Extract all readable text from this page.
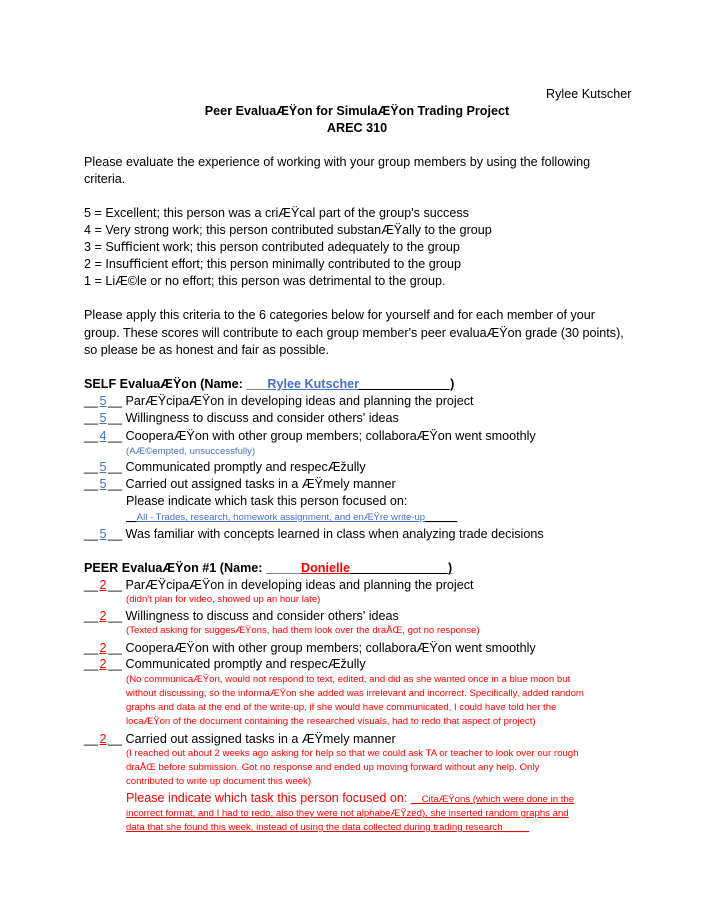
Rylee Kutscher
Peer EvaluaÆŸon for SimulaÆŸon Trading Project
AREC 310
Please evaluate the experience of working with your group members by using the following
criteria.
5 = Excellent; this person was a criÆŸcal part of the group's success
4 = Very strong work; this person contributed substanÆŸally to the group
3 = Suﬃcient work; this person contributed adequately to the group
2 = Insuﬃcient effort; this person minimally contributed to the group
1 = LiÆ©le or no effort; this person was detrimental to the group.
Please apply this criteria to the 6 categories below for yourself and for each member of your
group. These scores will contribute to each group member's peer evaluaÆŸon grade (30 points),
so please be as honest and fair as possible.
SELF EvaluaÆŸon (Name: ___Rylee Kutscher_____________)
__5 __ ParÆŸcipaÆŸon in developing ideas and planning the project
__5 __ Willingness to discuss and consider others' ideas
__4 __ CooperaÆŸon with other group members; collaboraÆŸon went smoothly
(AÆ©empted, unsuccessfully)
__5 __ Communicated promptly and respecÆžully
__5 __ Carried out assigned tasks in a ÆŸmely manner
Please indicate which task this person focused on:
__All - Trades, research, homework assignment, and enÆŸre write-up______
__5 __ Was familiar with concepts learned in class when analyzing trade decisions
PEER EvaluaÆŸon #1 (Name: _____Donielle______________)
__2 __ ParÆŸcipaÆŸon in developing ideas and planning the project
(didn't plan for video, showed up an hour late)
__2 __ Willingness to discuss and consider others' ideas
(Texted asking for suggesÆŸons, had them look over the draÅŒ, got no response)
__2 __ CooperaÆŸon with other group members; collaboraÆŸon went smoothly
__2 __ Communicated promptly and respecÆžully
(No communicaÆŸon, would not respond to text, edited, and did as she wanted once in a blue moon but
without discussing, so the informaÆŸon she added was irrelevant and incorrect. Specifically, added random
graphs and data at the end of the write-up, if she would have communicated, I could have told her the
locaÆŸon of the document containing the researched visuals, had to redo that aspect of project)
__2 __ Carried out assigned tasks in a ÆŸmely manner
(I reached out about 2 weeks ago asking for help so that we could ask TA or teacher to look over our rough
draÅŒ before submission. Got no response and ended up moving forward without any help. Only
contributed to write up document this week)
Please indicate which task this person focused on: __CitaÆŸons (which were done in the
incorrect format, and I had to redo, also they were not alphabeÆŸzed), she inserted random graphs and
data that she found this week, instead of using the data collected during trading research_____
